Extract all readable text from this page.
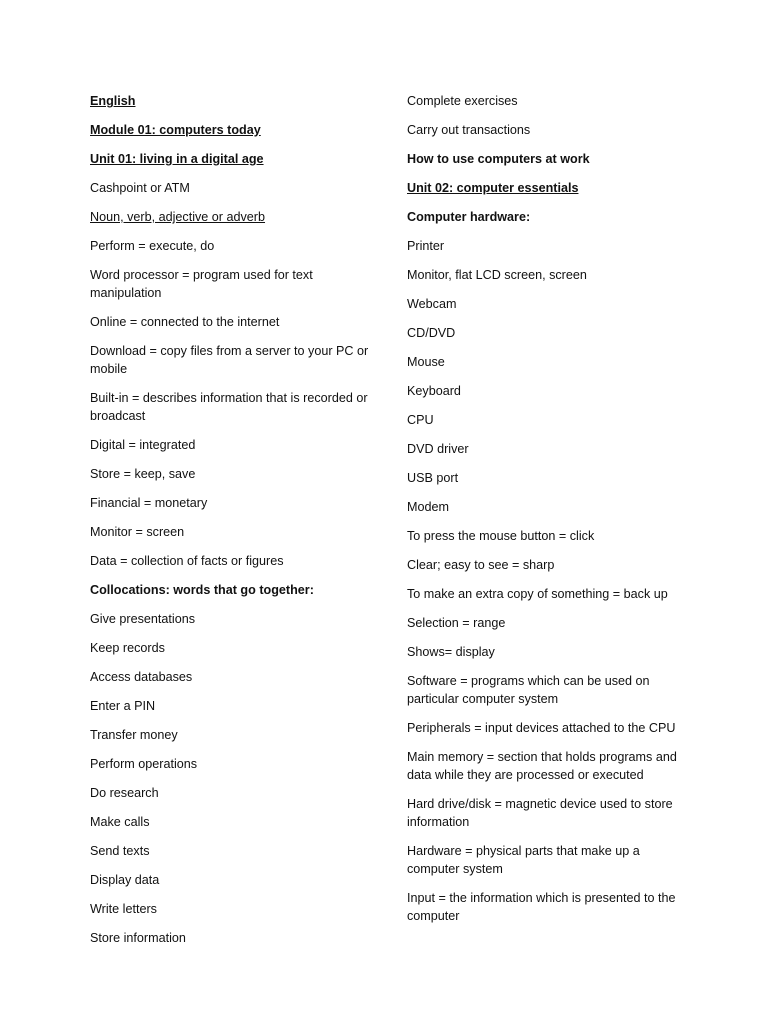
English

Module 01: computers today

Unit 01: living in a digital age

Cashpoint or ATM

Noun, verb, adjective or adverb

Perform = execute, do

Word processor = program used for text manipulation

Online = connected to the internet

Download = copy files from a server to your PC or mobile

Built-in = describes information that is recorded or broadcast

Digital = integrated

Store = keep, save

Financial = monetary

Monitor = screen

Data = collection of facts or figures

Collocations: words that go together:

Give presentations

Keep records

Access databases

Enter a PIN

Transfer money

Perform operations

Do research

Make calls

Send texts

Display data

Write letters

Store information

Complete exercises

Carry out transactions

How to use computers at work

Unit 02: computer essentials

Computer hardware:

Printer

Monitor, flat LCD screen, screen

Webcam

CD/DVD

Mouse

Keyboard

CPU

DVD driver

USB port

Modem

To press the mouse button = click

Clear; easy to see = sharp

To make an extra copy of something = back up

Selection = range

Shows= display

Software = programs which can be used on particular computer system

Peripherals = input devices attached to the CPU

Main memory = section that holds programs and data while they are processed or executed

Hard drive/disk = magnetic device used to store information

Hardware = physical parts that make up a computer system

Input = the information which is presented to the computer
